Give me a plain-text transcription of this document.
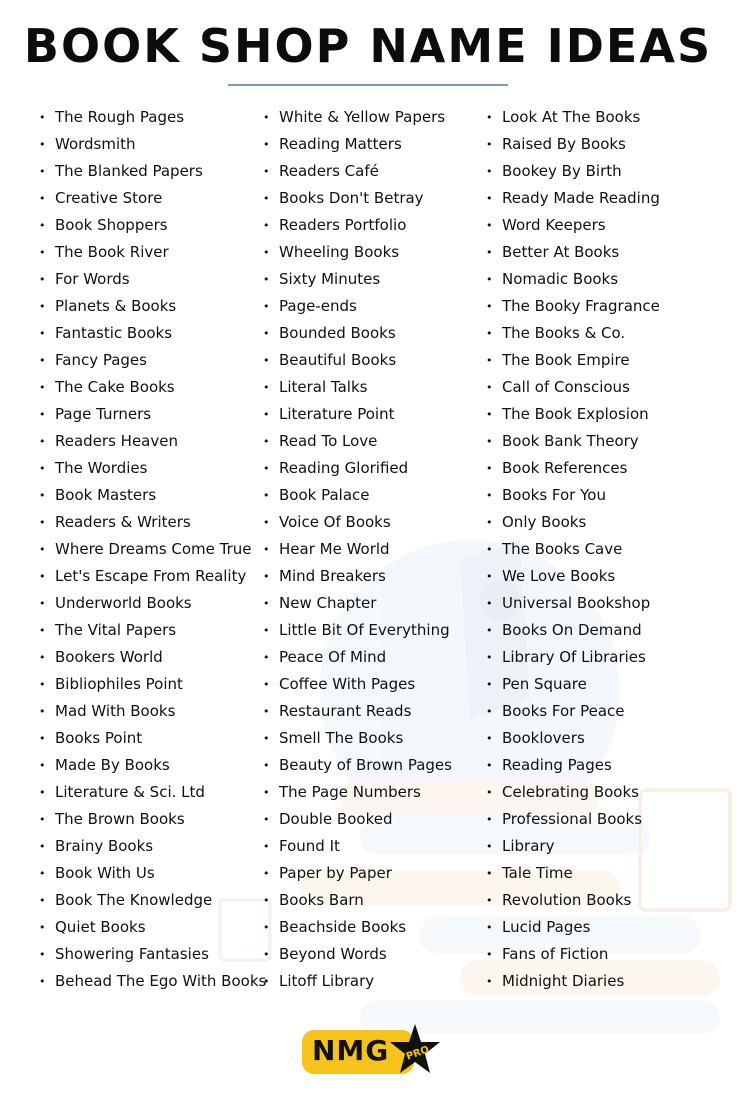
BOOK SHOP NAME IDEAS
• The Rough Pages
• Wordsmith
• The Blanked Papers
• Creative Store
• Book Shoppers
• The Book River
• For Words
• Planets & Books
• Fantastic Books
• Fancy Pages
• The Cake Books
• Page Turners
• Readers Heaven
• The Wordies
• Book Masters
• Readers & Writers
• Where Dreams Come True
• Let's Escape From Reality
• Underworld Books
• The Vital Papers
• Bookers World
• Bibliophiles Point
• Mad With Books
• Books Point
• Made By Books
• Literature & Sci. Ltd
• The Brown Books
• Brainy Books
• Book With Us
• Book The Knowledge
• Quiet Books
• Showering Fantasies
• Behead The Ego With Books
• White & Yellow Papers
• Reading Matters
• Readers Café
• Books Don't Betray
• Readers Portfolio
• Wheeling Books
• Sixty Minutes
• Page-ends
• Bounded Books
• Beautiful Books
• Literal Talks
• Literature Point
• Read To Love
• Reading Glorified
• Book Palace
• Voice Of Books
• Hear Me World
• Mind Breakers
• New Chapter
• Little Bit Of Everything
• Peace Of Mind
• Coffee With Pages
• Restaurant Reads
• Smell The Books
• Beauty of Brown Pages
• The Page Numbers
• Double Booked
• Found It
• Paper by Paper
• Books Barn
• Beachside Books
• Beyond Words
• Litoff Library
• Look At The Books
• Raised By Books
• Bookey By Birth
• Ready Made Reading
• Word Keepers
• Better At Books
• Nomadic Books
• The Booky Fragrance
• The Books & Co.
• The Book Empire
• Call of Conscious
• The Book Explosion
• Book Bank Theory
• Book References
• Books For You
• Only Books
• The Books Cave
• We Love Books
• Universal Bookshop
• Books On Demand
• Library Of Libraries
• Pen Square
• Books For Peace
• Booklovers
• Reading Pages
• Celebrating Books
• Professional Books
• Library
• Tale Time
• Revolution Books
• Lucid Pages
• Fans of Fiction
• Midnight Diaries
NMG PRO
